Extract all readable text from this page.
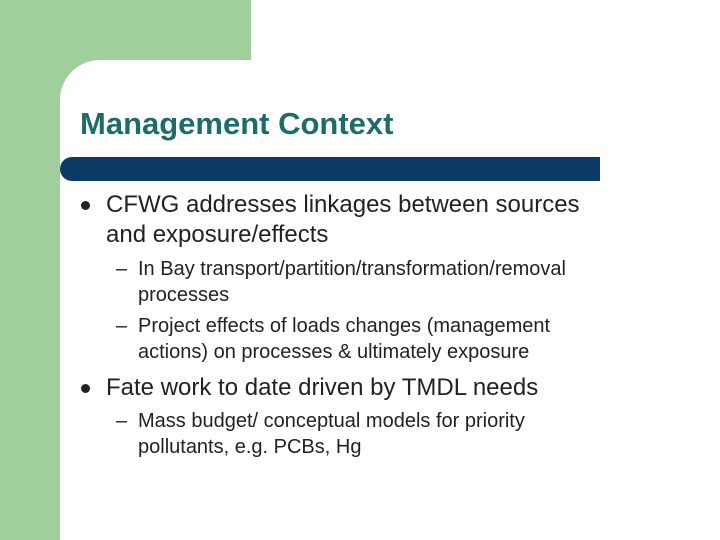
Management Context

CFWG addresses linkages between sources

and exposure/effects

– In Bay transport/partition/transformation/removal

processes

– Project effects of loads changes (management

actions) on processes & ultimately exposure

Fate work to date driven by TMDL needs

– Mass budget/ conceptual models for priority

pollutants, e.g. PCBs, Hg
